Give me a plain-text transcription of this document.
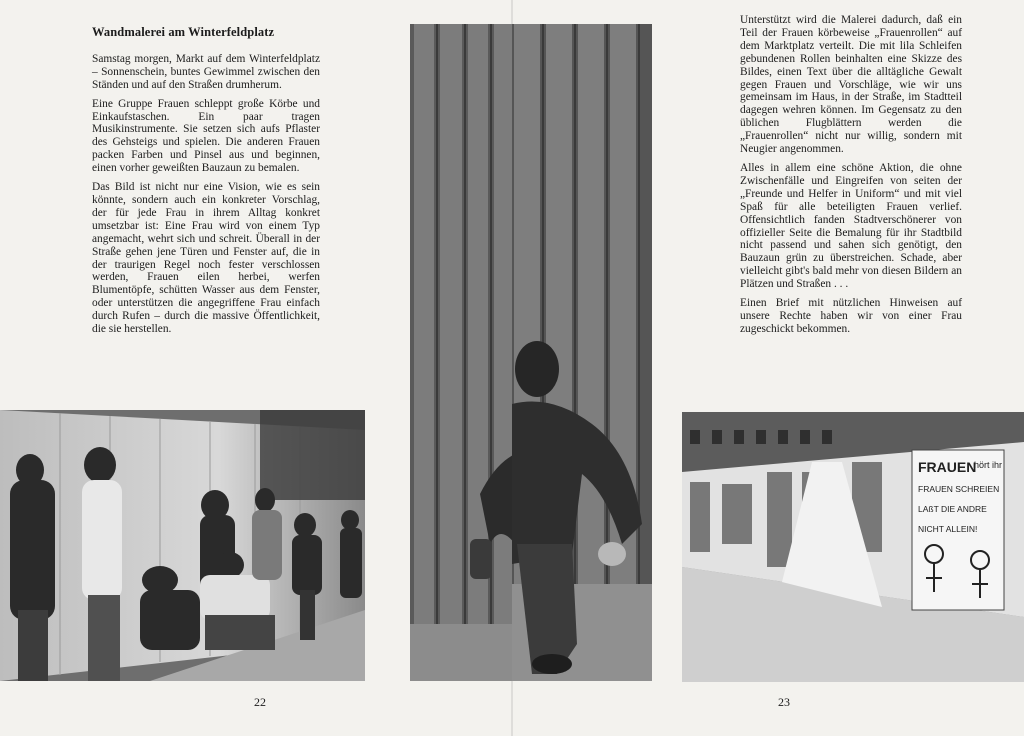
Wandmalerei am Winterfeldplatz

Samstag morgen, Markt auf dem Winterfeldplatz – Sonnenschein, buntes Gewimmel zwischen den Ständen und auf den Straßen drumherum.

Eine Gruppe Frauen schleppt große Körbe und Einkaufstaschen. Ein paar tragen Musikinstrumente. Sie setzen sich aufs Pflaster des Gehsteigs und spielen. Die anderen Frauen packen Farben und Pinsel aus und beginnen, einen vorher geweißten Bauzaun zu bemalen.

Das Bild ist nicht nur eine Vision, wie es sein könnte, sondern auch ein konkreter Vorschlag, der für jede Frau in ihrem Alltag konkret umsetzbar ist: Eine Frau wird von einem Typ angemacht, wehrt sich und schreit. Überall in der Straße gehen jene Türen und Fenster auf, die in der traurigen Regel noch fester verschlossen werden, Frauen eilen herbei, werfen Blumentöpfe, schütten Wasser aus dem Fenster, oder unterstützen die angegriffene Frau einfach durch Rufen – durch die massive Öffentlichkeit, die sie herstellen.

Unterstützt wird die Malerei dadurch, daß ein Teil der Frauen körbeweise „Frauenrollen“ auf dem Marktplatz verteilt. Die mit lila Schleifen gebundenen Rollen beinhalten eine Skizze des Bildes, einen Text über die alltägliche Gewalt gegen Frauen und Vorschläge, wie wir uns gemeinsam im Haus, in der Straße, im Stadtteil dagegen wehren können. Im Gegensatz zu den üblichen Flugblättern werden die „Frauenrollen“ nicht nur willig, sondern mit Neugier angenommen.

Alles in allem eine schöne Aktion, die ohne Zwischenfälle und Eingreifen von seiten der „Freunde und Helfer in Uniform“ und mit viel Spaß für alle beteiligten Frauen verlief. Offensichtlich fanden Stadtverschönerer von offizieller Seite die Bemalung für ihr Stadtbild nicht passend und sahen sich genötigt, den Bauzaun grün zu überstreichen. Schade, aber vielleicht gibt's bald mehr von diesen Bildern an Plätzen und Straßen . . .

Einen Brief mit nützlichen Hinweisen auf unsere Rechte haben wir von einer Frau zugeschickt bekommen.

FRAUEN
hört ihr
FRAUEN SCHREIEN
LAßT DIE ANDRE
NICHT ALLEIN!
22	23
